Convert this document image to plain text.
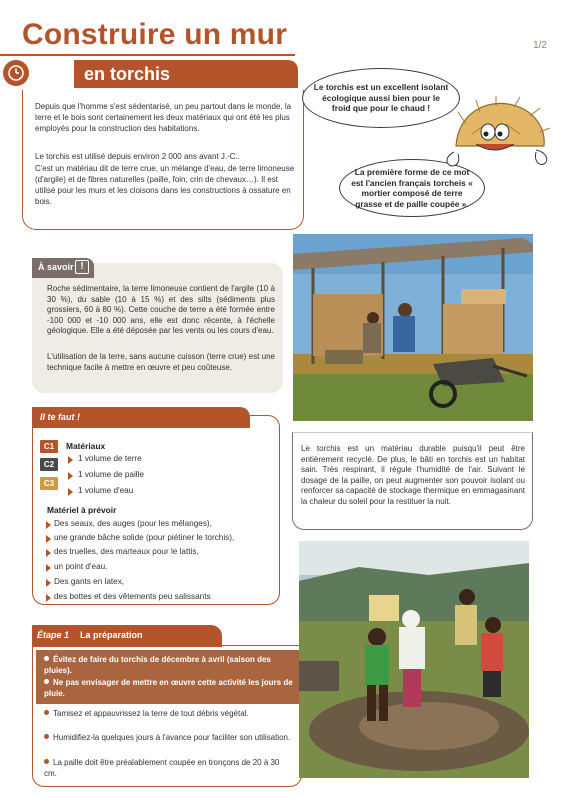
Construire un mur	1/2
en torchis

Depuis que l'homme s'est sédentarisé, un peu partout dans le monde, la terre et le bois sont certainement les deux matériaux qui ont été les plus employés pour la construction des habitations.

Le torchis est utilisé depuis environ 2 000 ans avant J.-C..

C'est un matériau dit de terre crue, un mélange d'eau, de terre limoneuse (d'argile) et de fibres naturelles (paille, foin, crin de chevaux…). Il est utilisé pour les murs et les cloisons dans les constructions à ossature en bois.

Le torchis est un excellent isolant écologique aussi bien pour le froid que pour le chaud !
La première forme de ce mot est l'ancien français torcheis « mortier composé de terre grasse et de paille coupée ».
À savoir !

Roche sédimentaire, la terre limoneuse contient de l'argile (10 à 30 %), du sable (10 à 15 %) et des silts (sédiments plus grossiers, 60 à 80 %). Cette couche de terre a été formée entre -100 000 et -10 000 ans, elle est donc récente, à l'échelle géologique. Elle a été déposée par les vents ou les cours d'eau.

L'utilisation de la terre, sans aucune cuisson (terre crue) est une technique facile à mettre en œuvre et peu coûteuse.

Il te faut !
C1
C2
C3
Matériaux
1 volume de terre
1 volume de paille
1 volume d'eau
Matériel à prévoir
Des seaux, des auges (pour les mélanges),
une grande bâche solide (pour piétiner le torchis),
des truelles, des marteaux pour le lattis,
un point d'eau.
Des gants en latex,
des bottes et des vêtements peu salissants
Étape 1 La préparation
Évitez de faire du torchis de décembre à avril (saison des pluies).
Ne pas envisager de mettre en œuvre cette activité les jours de pluie.
Tamisez et appauvrissez la terre de tout débris végétal.
Humidifiez-la quelques jours à l'avance pour faciliter son utilisation.
La paille doit être préalablement coupée en tronçons de 20 à 30 cm.

Le torchis est un matériau durable puisqu'il peut être entièrement recyclé. De plus, le bâti en torchis est un habitat sain. Très respirant, il régule l'humidité de l'air. Suivant le dosage de la paille, on peut augmenter son pouvoir isolant ou renforcer sa capacité de stockage thermique en emmagasinant la chaleur du soleil pour la restituer la nuit.
